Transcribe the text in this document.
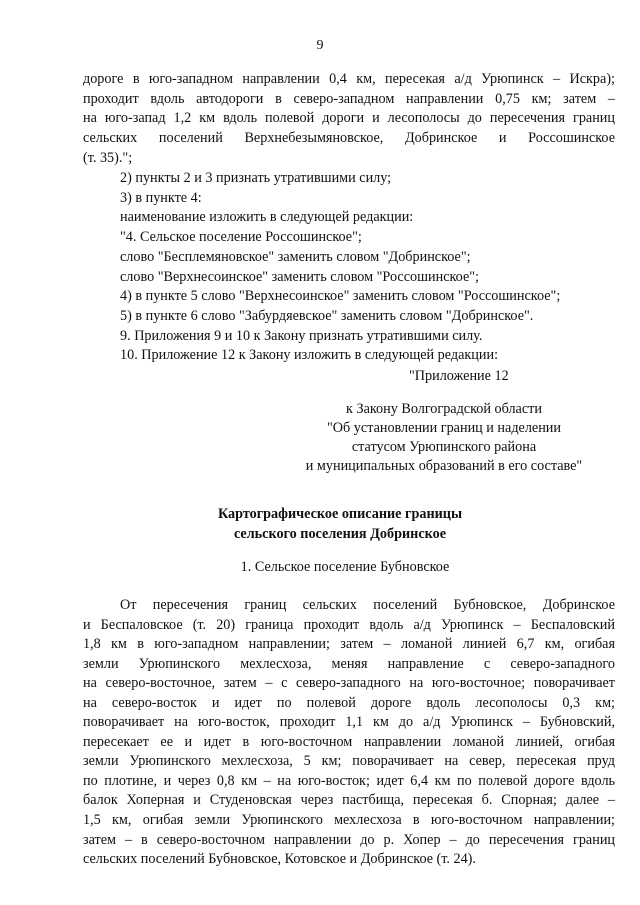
9
дороге в юго-западном направлении 0,4 км, пересекая а/д Урюпинск – Искра);
проходит вдоль автодороги в северо-западном направлении 0,75 км; затем –
на юго-запад 1,2 км вдоль полевой дороги и лесополосы до пересечения границ
сельских поселений Верхнебезымяновское, Добринское и Россошинское
(т. 35).";
2) пункты 2 и 3 признать утратившими силу;
3) в пункте 4:
наименование изложить в следующей редакции:
"4. Сельское поселение Россошинское";
слово "Бесплемяновское" заменить словом "Добринское";
слово "Верхнесоинское" заменить словом "Россошинское";
4) в пункте 5 слово "Верхнесоинское" заменить словом "Россошинское";
5) в пункте 6 слово "Забурдяевское" заменить словом "Добринское".
9. Приложения 9 и 10 к Закону признать утратившими силу.
10. Приложение 12 к Закону изложить в следующей редакции:
"Приложение 12
к Закону Волгоградской области
"Об установлении границ и наделении
статусом Урюпинского района
и муниципальных образований в его составе"
Картографическое описание границы
сельского поселения Добринское
1. Сельское поселение Бубновское
От пересечения границ сельских поселений Бубновское, Добринское
и Беспаловское (т. 20) граница проходит вдоль а/д Урюпинск – Беспаловский
1,8 км в юго-западном направлении; затем – ломаной линией 6,7 км, огибая
земли Урюпинского мехлесхоза, меняя направление с северо-западного
на северо-восточное, затем – с северо-западного на юго-восточное; поворачивает
на северо-восток и идет по полевой дороге вдоль лесополосы 0,3 км;
поворачивает на юго-восток, проходит 1,1 км до а/д Урюпинск – Бубновский,
пересекает ее и идет в юго-восточном направлении ломаной линией, огибая
земли Урюпинского мехлесхоза, 5 км; поворачивает на север, пересекая пруд
по плотине, и через 0,8 км – на юго-восток; идет 6,4 км по полевой дороге вдоль
балок Хоперная и Студеновская через пастбища, пересекая б. Спорная; далее –
1,5 км, огибая земли Урюпинского мехлесхоза в юго-восточном направлении;
затем – в северо-восточном направлении до р. Хопер – до пересечения границ
сельских поселений Бубновское, Котовское и Добринское (т. 24).
